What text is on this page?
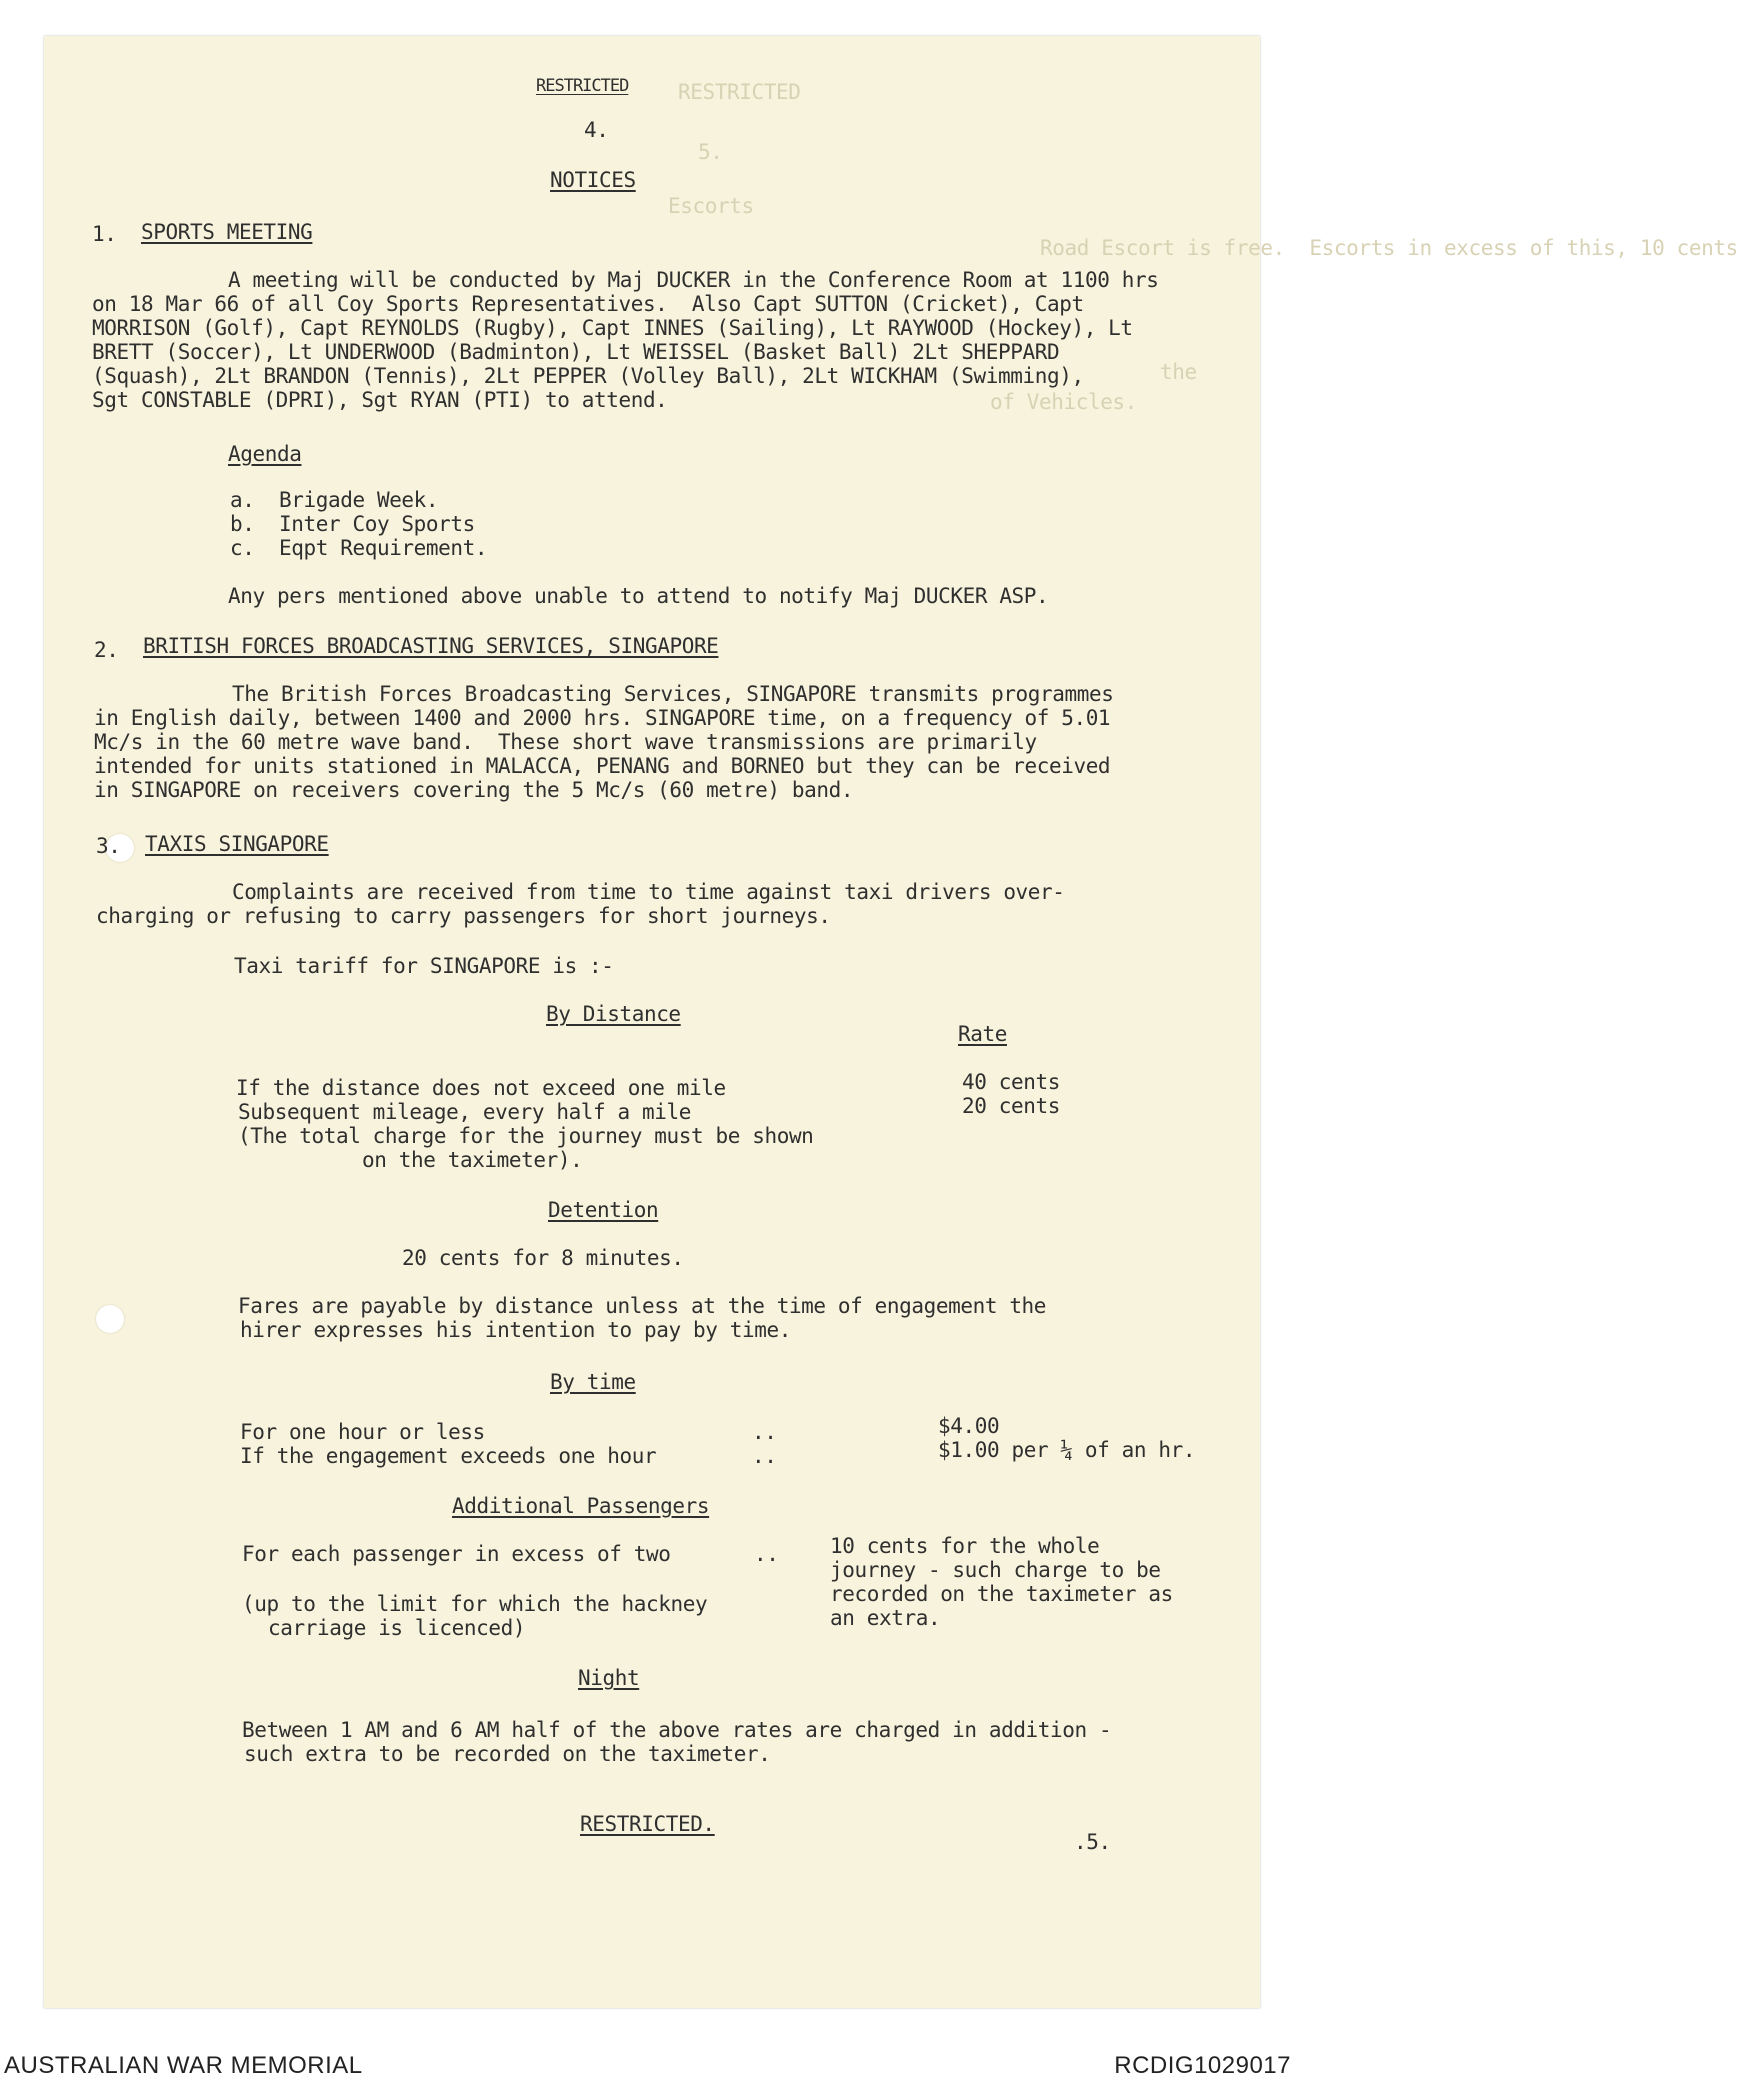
RESTRICTED
5.
Escorts
Road Escort is free.  Escorts in excess of this, 10 cents
the
of Vehicles.
RESTRICTED
4.
NOTICES
1. SPORTS MEETING
A meeting will be conducted by Maj DUCKER in the Conference Room at 1100 hrs
on 18 Mar 66 of all Coy Sports Representatives.  Also Capt SUTTON (Cricket), Capt
MORRISON (Golf), Capt REYNOLDS (Rugby), Capt INNES (Sailing), Lt RAYWOOD (Hockey), Lt
BRETT (Soccer), Lt UNDERWOOD (Badminton), Lt WEISSEL (Basket Ball) 2Lt SHEPPARD
(Squash), 2Lt BRANDON (Tennis), 2Lt PEPPER (Volley Ball), 2Lt WICKHAM (Swimming),
Sgt CONSTABLE (DPRI), Sgt RYAN (PTI) to attend.
Agenda
a. Brigade Week.
b. Inter Coy Sports
c. Eqpt Requirement.
Any pers mentioned above unable to attend to notify Maj DUCKER ASP.
2. BRITISH FORCES BROADCASTING SERVICES, SINGAPORE
The British Forces Broadcasting Services, SINGAPORE transmits programmes
in English daily, between 1400 and 2000 hrs. SINGAPORE time, on a frequency of 5.01
Mc/s in the 60 metre wave band.  These short wave transmissions are primarily
intended for units stationed in MALACCA, PENANG and BORNEO but they can be received
in SINGAPORE on receivers covering the 5 Mc/s (60 metre) band.
3. TAXIS SINGAPORE
Complaints are received from time to time against taxi drivers over-
charging or refusing to carry passengers for short journeys.
Taxi tariff for SINGAPORE is :-
By Distance
Rate
If the distance does not exceed one mile	40 cents
Subsequent mileage, every half a mile	20 cents
(The total charge for the journey must be shown
on the taximeter).
Detention
20 cents for 8 minutes.
Fares are payable by distance unless at the time of engagement the
hirer expresses his intention to pay by time.
By time
For one hour or less	..	$4.00
If the engagement exceeds one hour	..	$1.00 per ¼ of an hr.
Additional Passengers
For each passenger in excess of two	..
(up to the limit for which the hackney
carriage is licenced)
10 cents for the whole
journey - such charge to be
recorded on the taximeter as
an extra.
Night
Between 1 AM and 6 AM half of the above rates are charged in addition -
such extra to be recorded on the taximeter.
RESTRICTED.
.5.
AUSTRALIAN WAR MEMORIAL	RCDIG1029017
